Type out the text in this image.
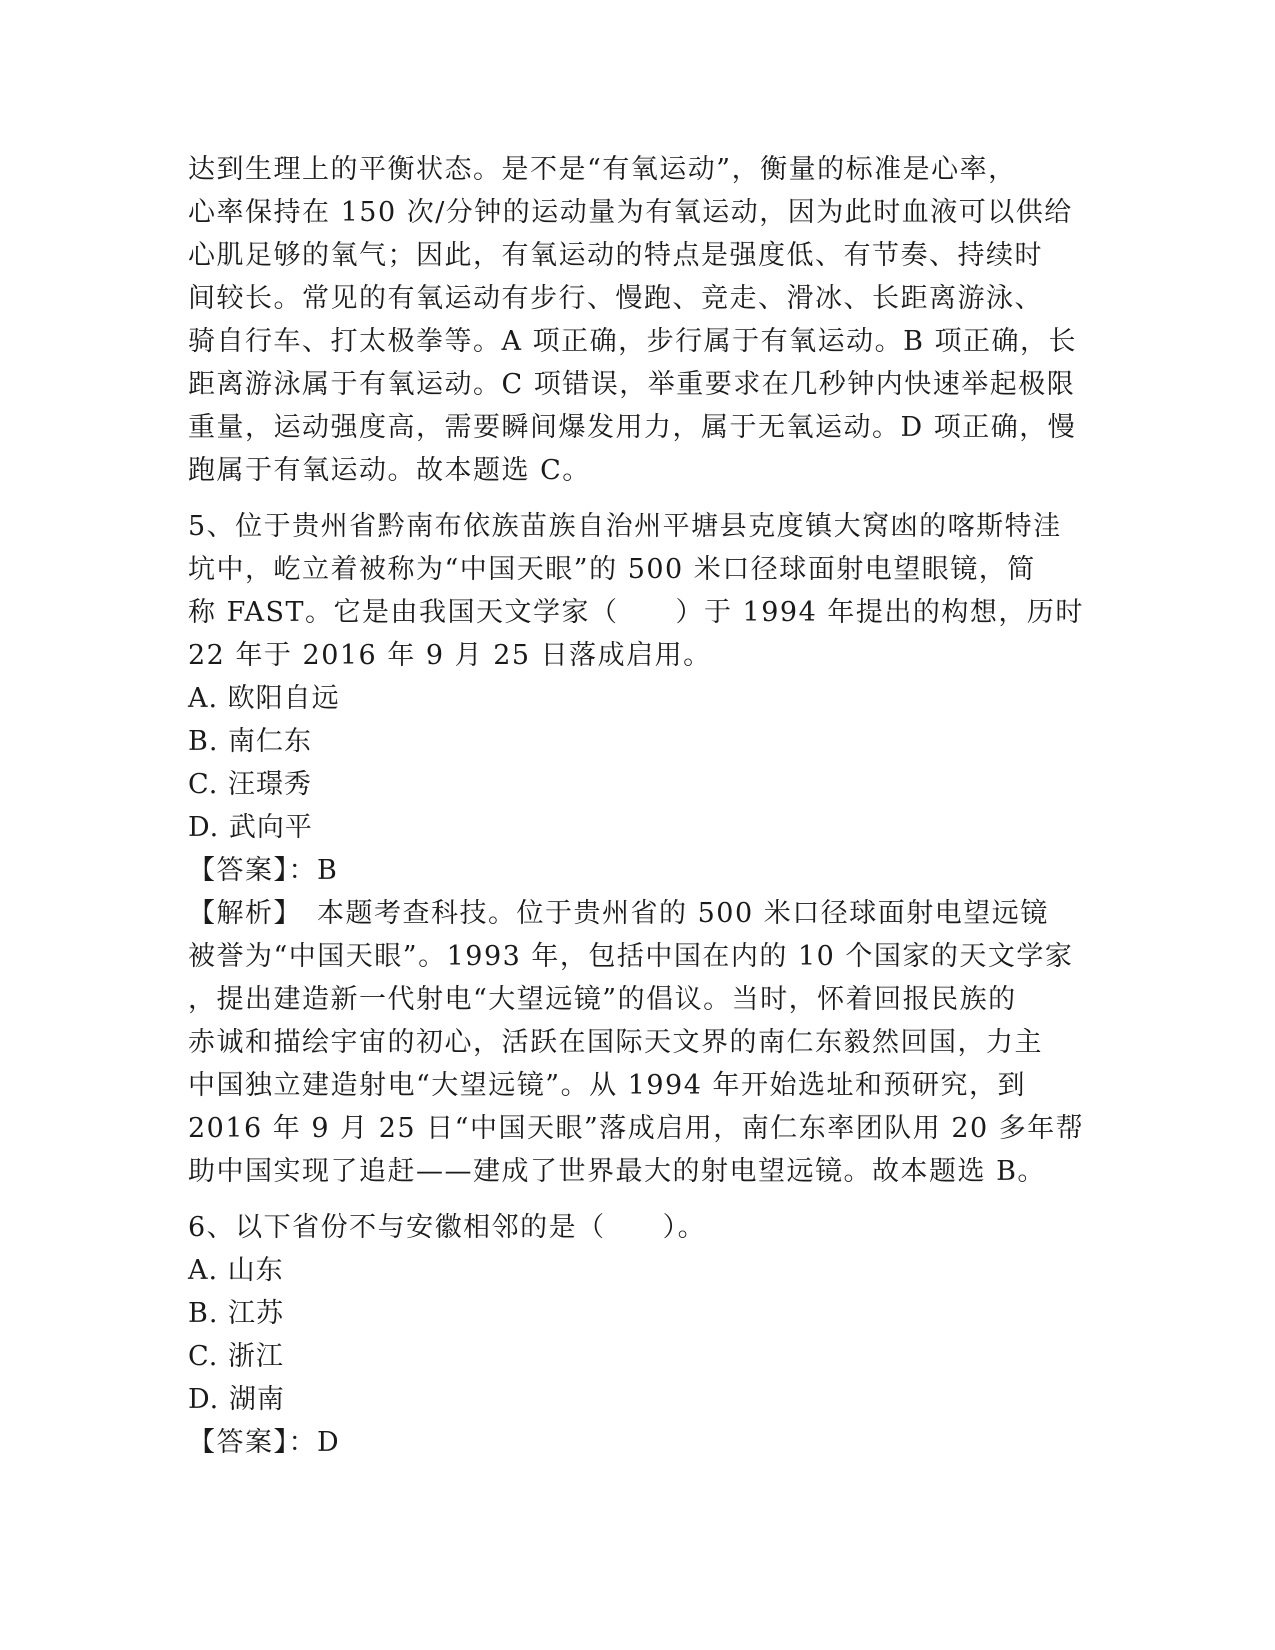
达到生理上的平衡状态。是不是“有氧运动”，衡量的标准是心率，
心率保持在 150 次/分钟的运动量为有氧运动，因为此时血液可以供给
心肌足够的氧气；因此，有氧运动的特点是强度低、有节奏、持续时
间较长。常见的有氧运动有步行、慢跑、竞走、滑冰、长距离游泳、
骑自行车、打太极拳等。A 项正确，步行属于有氧运动。B 项正确，长
距离游泳属于有氧运动。C 项错误，举重要求在几秒钟内快速举起极限
重量，运动强度高，需要瞬间爆发用力，属于无氧运动。D 项正确，慢
跑属于有氧运动。故本题选 C。
5、位于贵州省黔南布依族苗族自治州平塘县克度镇大窝凼的喀斯特洼
坑中，屹立着被称为“中国天眼”的 500 米口径球面射电望眼镜，简
称 FAST。它是由我国天文学家（　　）于 1994 年提出的构想，历时
22 年于 2016 年 9 月 25 日落成启用。
A. 欧阳自远
B. 南仁东
C. 汪璟秀
D. 武向平
【答案】：B
【解析】　本题考查科技。位于贵州省的 500 米口径球面射电望远镜
被誉为“中国天眼”。1993 年，包括中国在内的 10 个国家的天文学家
，提出建造新一代射电“大望远镜”的倡议。当时，怀着回报民族的
赤诚和描绘宇宙的初心，活跃在国际天文界的南仁东毅然回国，力主
中国独立建造射电“大望远镜”。从 1994 年开始选址和预研究，到
2016 年 9 月 25 日“中国天眼”落成启用，南仁东率团队用 20 多年帮
助中国实现了追赶——建成了世界最大的射电望远镜。故本题选 B。
6、以下省份不与安徽相邻的是（　　）。
A. 山东
B. 江苏
C. 浙江
D. 湖南
【答案】：D
